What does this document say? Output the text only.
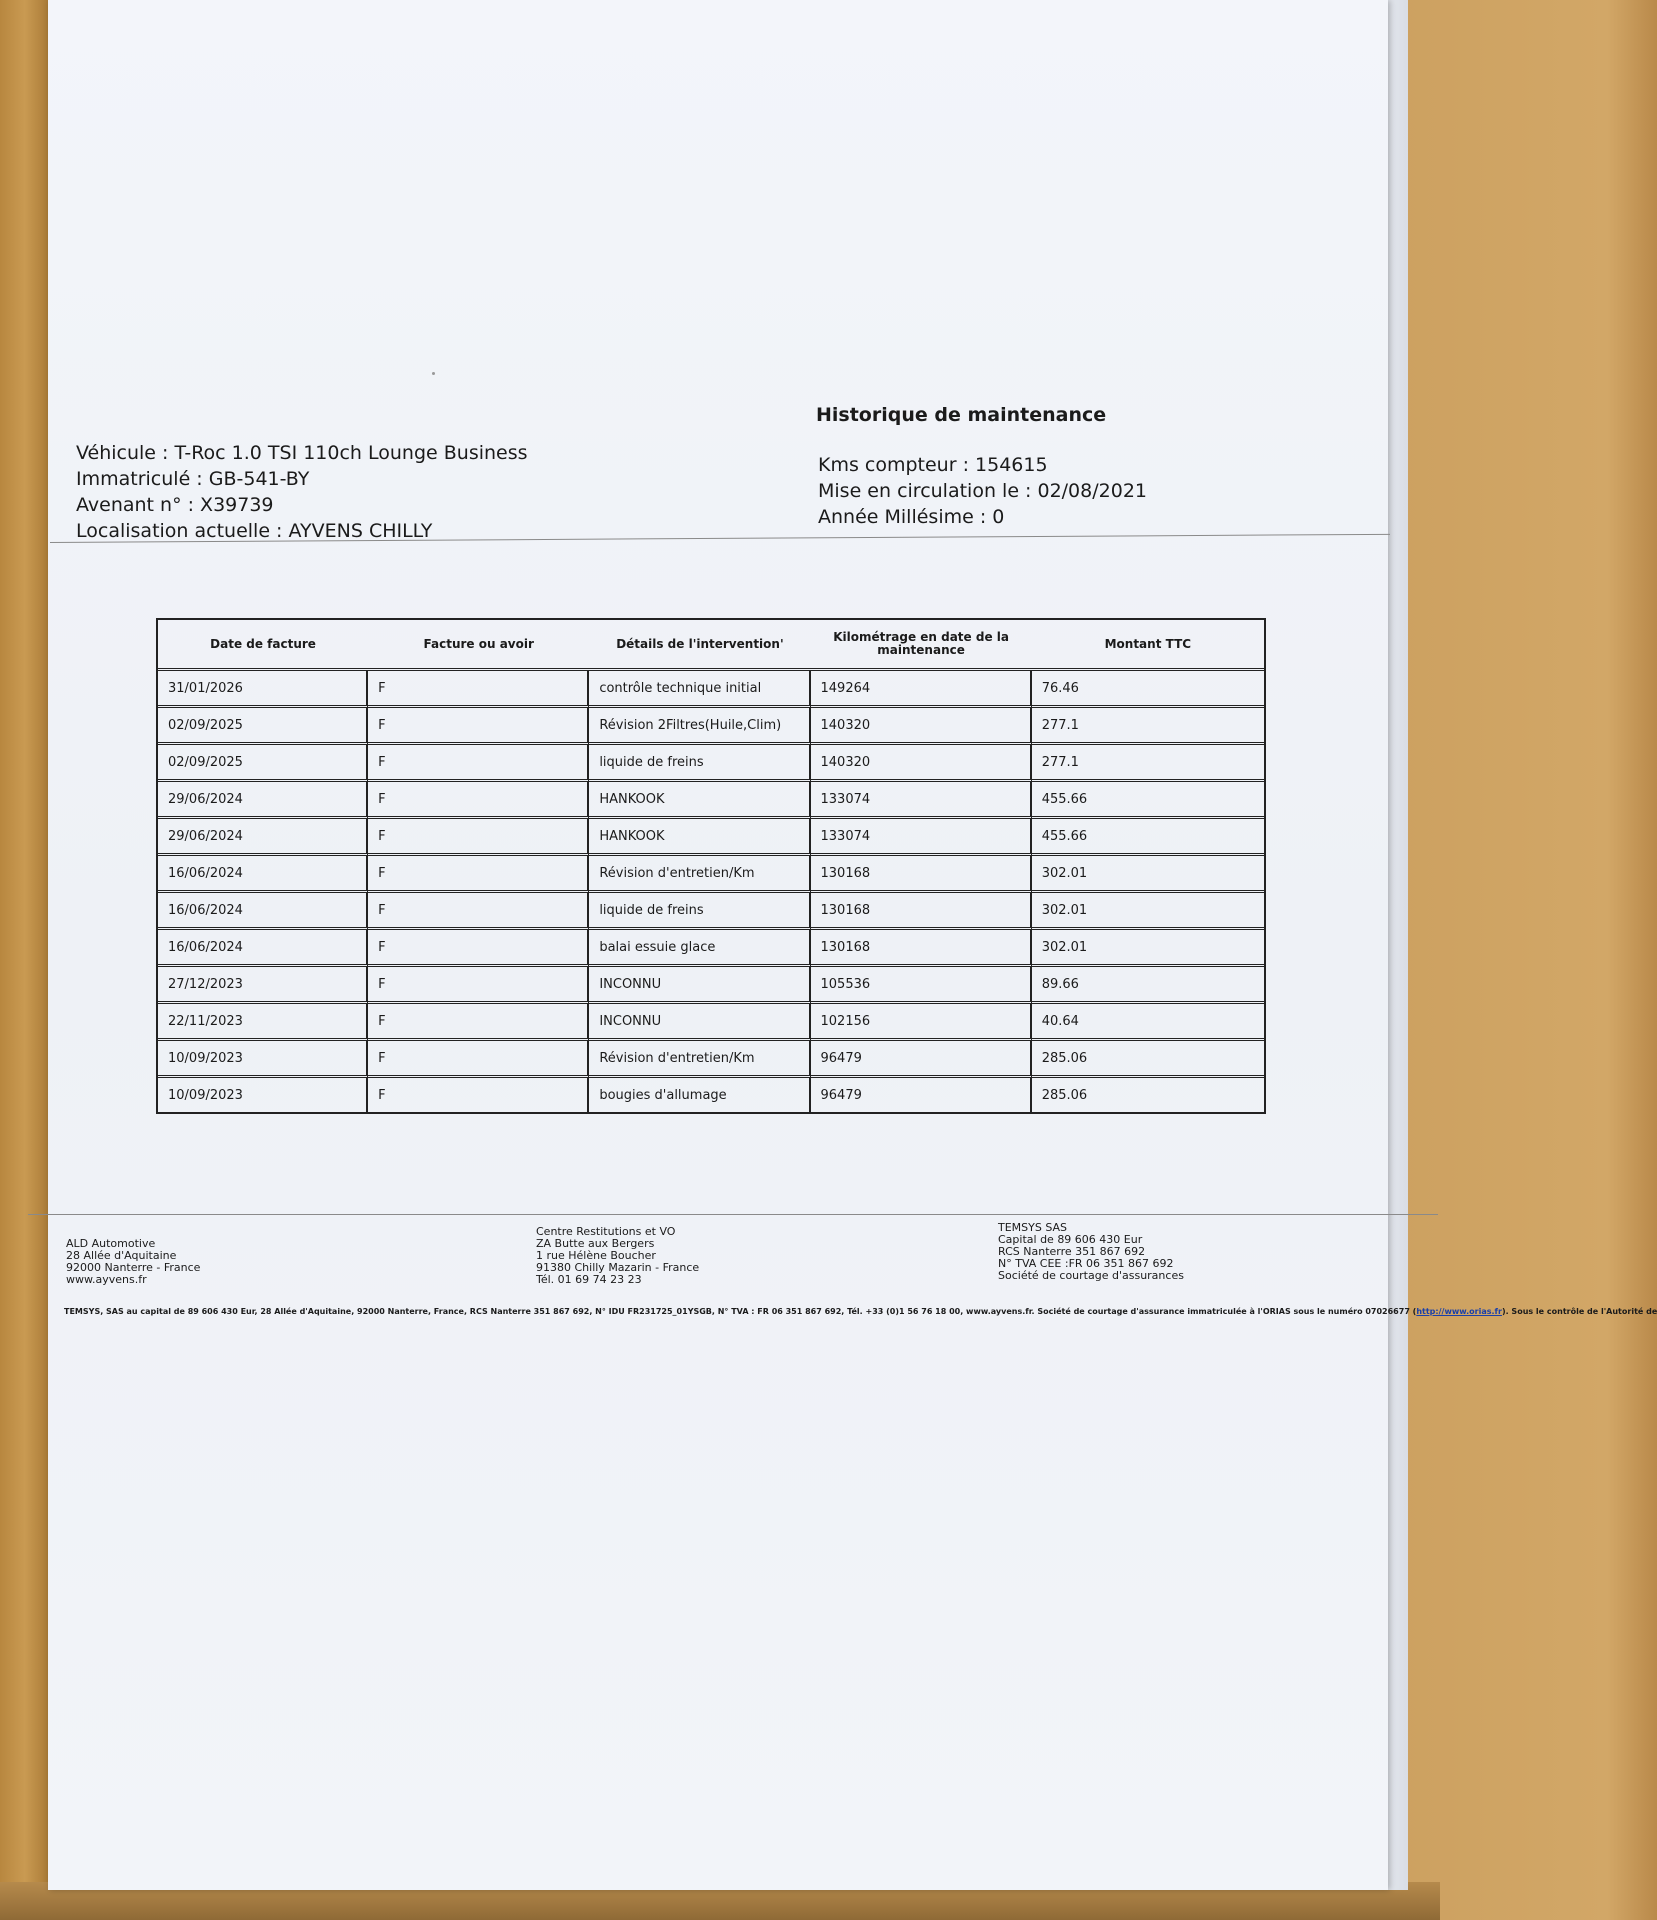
Véhicule : T-Roc 1.0 TSI 110ch Lounge Business
Immatriculé : GB-541-BY
Avenant n° : X39739
Localisation actuelle : AYVENS CHILLY
Historique de maintenance
Kms compteur : 154615
Mise en circulation le : 02/08/2021
Année Millésime : 0
Date de facture	Facture ou avoir	Détails de l'intervention'	Kilométrage en date de la maintenance	Montant TTC
31/01/2026	F	contrôle technique initial	149264	76.46
02/09/2025	F	Révision 2Filtres(Huile,Clim)	140320	277.1
02/09/2025	F	liquide de freins	140320	277.1
29/06/2024	F	HANKOOK	133074	455.66
29/06/2024	F	HANKOOK	133074	455.66
16/06/2024	F	Révision d'entretien/Km	130168	302.01
16/06/2024	F	liquide de freins	130168	302.01
16/06/2024	F	balai essuie glace	130168	302.01
27/12/2023	F	INCONNU	105536	89.66
22/11/2023	F	INCONNU	102156	40.64
10/09/2023	F	Révision d'entretien/Km	96479	285.06
10/09/2023	F	bougies d'allumage	96479	285.06
ALD Automotive
28 Allée d'Aquitaine
92000 Nanterre - France
www.ayvens.fr
Centre Restitutions et VO
ZA Butte aux Bergers
1 rue Hélène Boucher
91380 Chilly Mazarin - France
Tél. 01 69 74 23 23
TEMSYS SAS
Capital de 89 606 430 Eur
RCS Nanterre 351 867 692
N° TVA CEE :FR 06 351 867 692
Société de courtage d'assurances
TEMSYS, SAS au capital de 89 606 430 Eur, 28 Allée d'Aquitaine, 92000 Nanterre, France, RCS Nanterre 351 867 692, N° IDU FR231725_01YSGB, N° TVA : FR 06 351 867 692, Tél. +33 (0)1 56 76 18 00, www.ayvens.fr. Société de courtage d'assurance immatriculée à l'ORIAS sous le numéro 07026677 (http://www.orias.fr). Sous le contrôle de l'Autorité de
